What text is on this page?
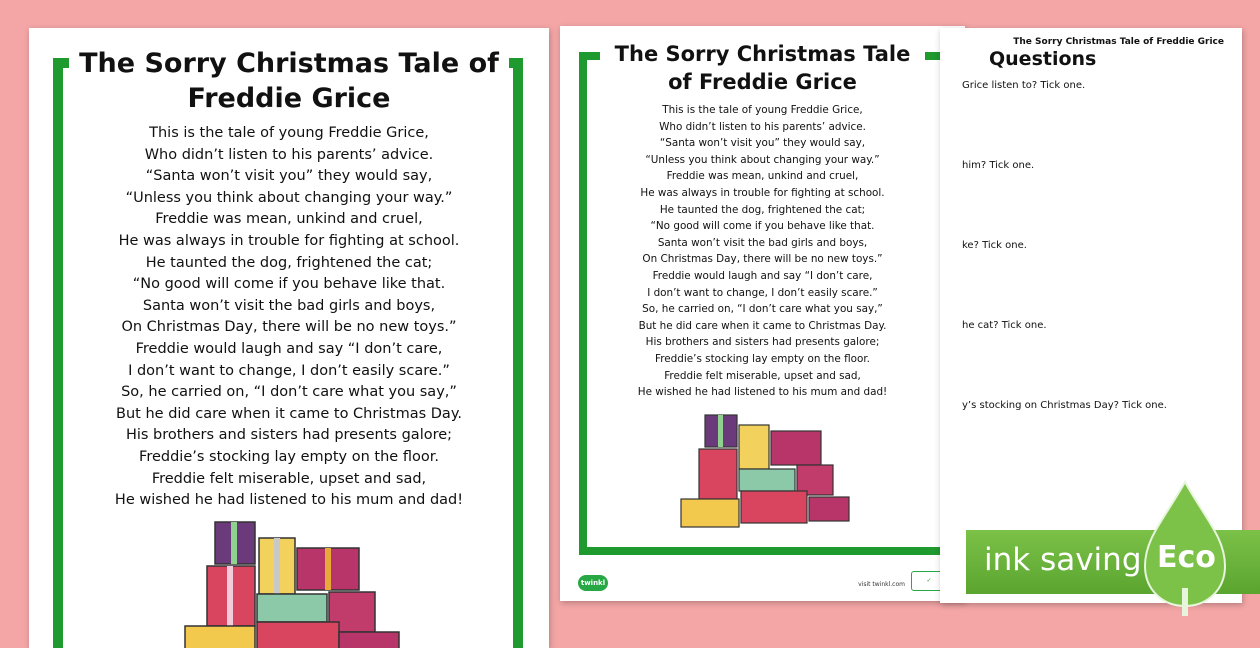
The Sorry Christmas Tale of Freddie Grice
This is the tale of young Freddie Grice,
Who didn’t listen to his parents’ advice.
“Santa won’t visit you” they would say,
“Unless you think about changing your way.”
Freddie was mean, unkind and cruel,
He was always in trouble for fighting at school.
He taunted the dog, frightened the cat;
“No good will come if you behave like that.
Santa won’t visit the bad girls and boys,
On Christmas Day, there will be no new toys.”
Freddie would laugh and say “I don’t care,
I don’t want to change, I don’t easily scare.”
So, he carried on, “I don’t care what you say,”
But he did care when it came to Christmas Day.
His brothers and sisters had presents galore;
Freddie’s stocking lay empty on the floor.
Freddie felt miserable, upset and sad,
He wished he had listened to his mum and dad!
The Sorry Christmas Tale
of Freddie Grice
This is the tale of young Freddie Grice,
Who didn’t listen to his parents’ advice.
“Santa won’t visit you” they would say,
“Unless you think about changing your way.”
Freddie was mean, unkind and cruel,
He was always in trouble for fighting at school.
He taunted the dog, frightened the cat;
“No good will come if you behave like that.
Santa won’t visit the bad girls and boys,
On Christmas Day, there will be no new toys.”
Freddie would laugh and say “I don’t care,
I don’t want to change, I don’t easily scare.”
So, he carried on, “I don’t care what you say,”
But he did care when it came to Christmas Day.
His brothers and sisters had presents galore;
Freddie’s stocking lay empty on the floor.
Freddie felt miserable, upset and sad,
He wished he had listened to his mum and dad!
twinkl	visit twinkl.com
✓
The Sorry Christmas Tale of Freddie Grice
Questions
Grice listen to? Tick one.
him? Tick one.
ke? Tick one.
he cat? Tick one.
y’s stocking on Christmas Day? Tick one.
ink saving Eco
